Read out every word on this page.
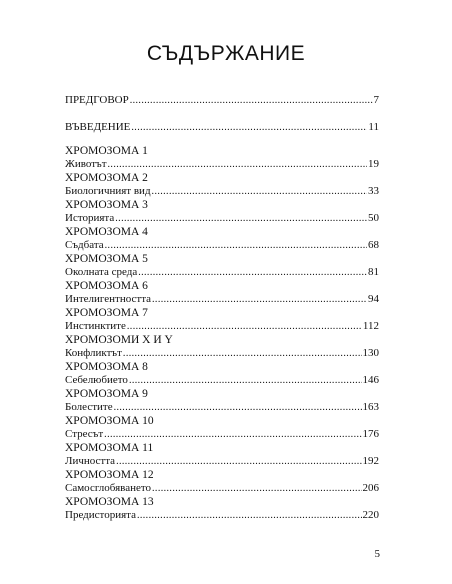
СЪДЪРЖАНИЕ
ПРЕДГОВОР .....	7
ВЪВЕДЕНИЕ .....	11
ХРОМОЗОМА 1
Животът .....	19
ХРОМОЗОМА 2
Биологичният вид .....	33
ХРОМОЗОМА 3
Историята .....	50
ХРОМОЗОМА 4
Съдбата .....	68
ХРОМОЗОМА 5
Околната среда .....	81
ХРОМОЗОМА 6
Интелигентността .....	94
ХРОМОЗОМА 7
Инстинктите .....	112
ХРОМОЗОМИ X И Y
Конфликтът .....	130
ХРОМОЗОМА 8
Себелюбието .....	146
ХРОМОЗОМА 9
Болестите .....	163
ХРОМОЗОМА 10
Стресът .....	176
ХРОМОЗОМА 11
Личността .....	192
ХРОМОЗОМА 12
Самосглобяването .....	206
ХРОМОЗОМА 13
Предисторията .....	220
5
